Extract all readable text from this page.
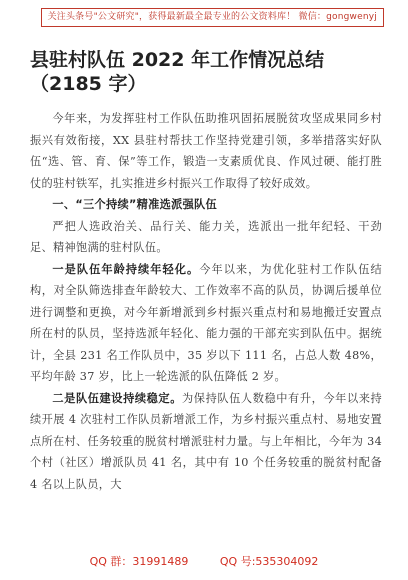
关注头条号"公文研究"，获得最新最全最专业的公文资料库！ 微信：gongwenyj
县驻村队伍 2022 年工作情况总结（2185 字）

今年来，为发挥驻村工作队伍助推巩固拓展脱贫攻坚成果同乡村振兴有效衔接，XX 县驻村帮扶工作坚持党建引领，多举措落实好队伍“选、管、育、保”等工作，锻造一支素质优良、作风过硬、能打胜仗的驻村铁军，扎实推进乡村振兴工作取得了较好成效。

一、“三个持续”精准选派强队伍

严把人选政治关、品行关、能力关，选派出一批年纪轻、干劲足、精神饱满的驻村队伍。

一是队伍年龄持续年轻化。今年以来，为优化驻村工作队伍结构，对全队筛选排查年龄较大、工作效率不高的队员，协调后援单位进行调整和更换，对今年新增派到乡村振兴重点村和易地搬迁安置点所在村的队员，坚持选派年轻化、能力强的干部充实到队伍中。据统计，全县 231 名工作队员中，35 岁以下 111 名，占总人数 48%，平均年龄 37 岁，比上一轮选派的队伍降低 2 岁。

二是队伍建设持续稳定。为保持队伍人数稳中有升，今年以来持续开展 4 次驻村工作队员新增派工作，为乡村振兴重点村、易地安置点所在村、任务较重的脱贫村增派驻村力量。与上年相比，今年为 34 个村（社区）增派队员 41 名，其中有 10 个任务较重的脱贫村配备 4 名以上队员，大

QQ 群：31991489	QQ 号:535304092
